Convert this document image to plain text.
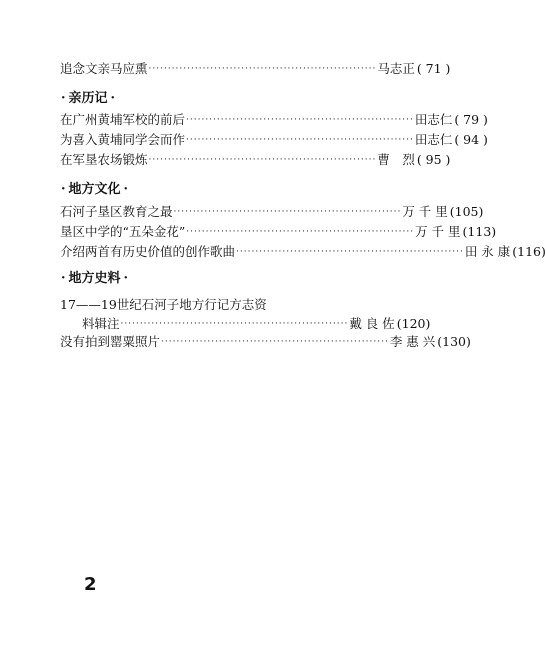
追念文亲马应熏 ··························································· 马志正 ( 71 )
· 亲历记 ·
在广州黄埔军校的前后 ··························································· 田志仁 ( 79 )
为喜入黄埔同学会而作 ··························································· 田志仁 ( 94 )
在军垦农场锻炼 ··························································· 曹　烈 ( 95 )
· 地方文化 ·
石河子垦区教育之最 ··························································· 万 千 里 (105)
垦区中学的“五朵金花” ··························································· 万 千 里 (113)
介绍两首有历史价值的创作歌曲 ··························································· 田 永 康 (116)
· 地方史料 ·
17——19世纪石河子地方行记方志资
料辑注 ··························································· 戴 良 佐 (120)
没有拍到罂粟照片 ··························································· 李 惠 兴 (130)
2
